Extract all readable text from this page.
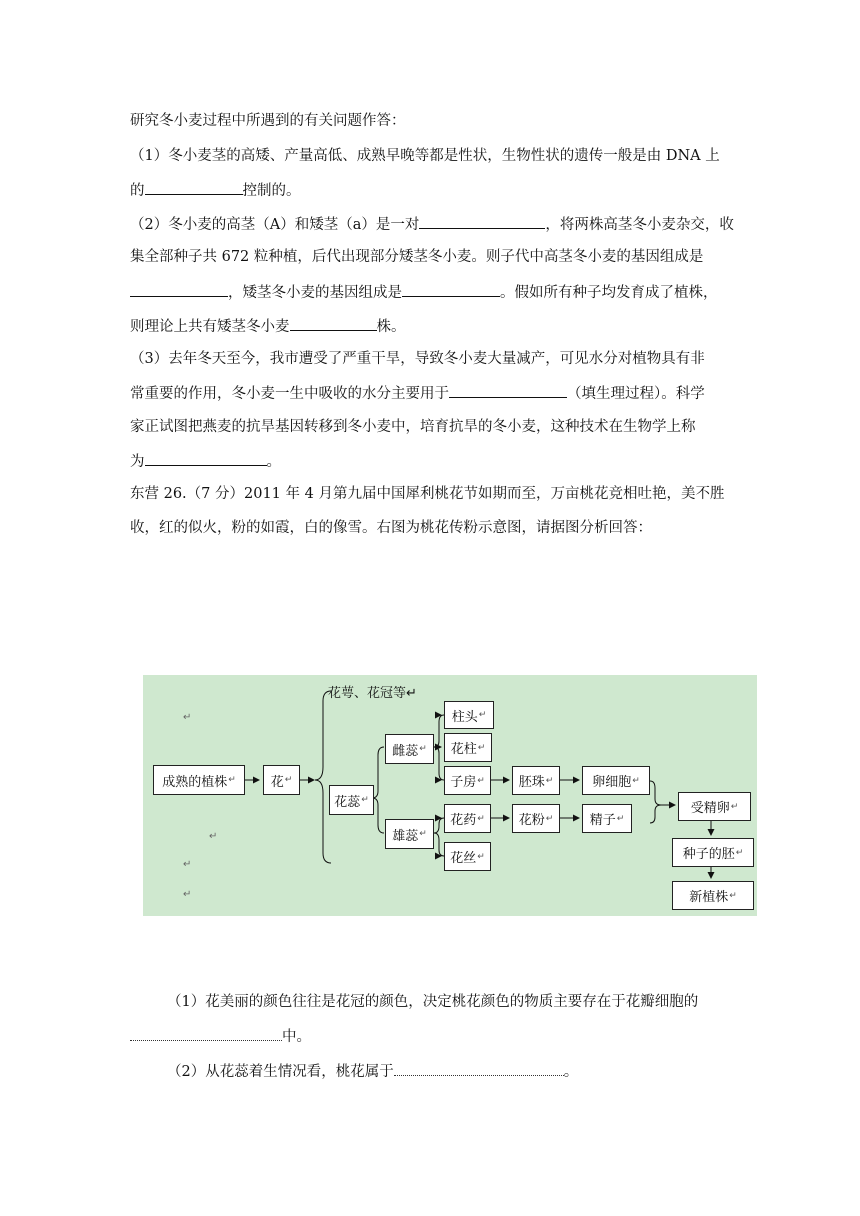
研究冬小麦过程中所遇到的有关问题作答：
（1）冬小麦茎的高矮、产量高低、成熟早晚等都是性状，生物性状的遗传一般是由 DNA 上
的	控制的。
（2）冬小麦的高茎（A）和矮茎（a）是一对	，将两株高茎冬小麦杂交，收
集全部种子共 672 粒种植，后代出现部分矮茎冬小麦。则子代中高茎冬小麦的基因组成是
，矮茎冬小麦的基因组成是	。假如所有种子均发育成了植株，
则理论上共有矮茎冬小麦	株。
（3）去年冬天至今，我市遭受了严重干旱，导致冬小麦大量减产，可见水分对植物具有非
常重要的作用，冬小麦一生中吸收的水分主要用于	（填生理过程）。科学
家正试图把燕麦的抗旱基因转移到冬小麦中，培育抗旱的冬小麦，这种技术在生物学上称
为	。
东营 26.（7 分）2011 年 4 月第九届中国犀利桃花节如期而至，万亩桃花竞相吐艳，美不胜
收，红的似火，粉的如霞，白的像雪。右图为桃花传粉示意图，请据图分析回答：
花萼、花冠等↵
↵
↵
↵
↵
成熟的植株 ↵	花 ↵
花蕊 ↵
雌蕊 ↵
雄蕊 ↵
柱头 ↵
花柱 ↵
子房 ↵	胚珠 ↵	卵细胞 ↵
花药 ↵	花粉 ↵	精子 ↵
花丝 ↵
受精卵 ↵
种子的胚 ↵
新植株 ↵
（1）花美丽的颜色往往是花冠的颜色，决定桃花颜色的物质主要存在于花瓣细胞的
中。
（2）从花蕊着生情况看，桃花属于	。
